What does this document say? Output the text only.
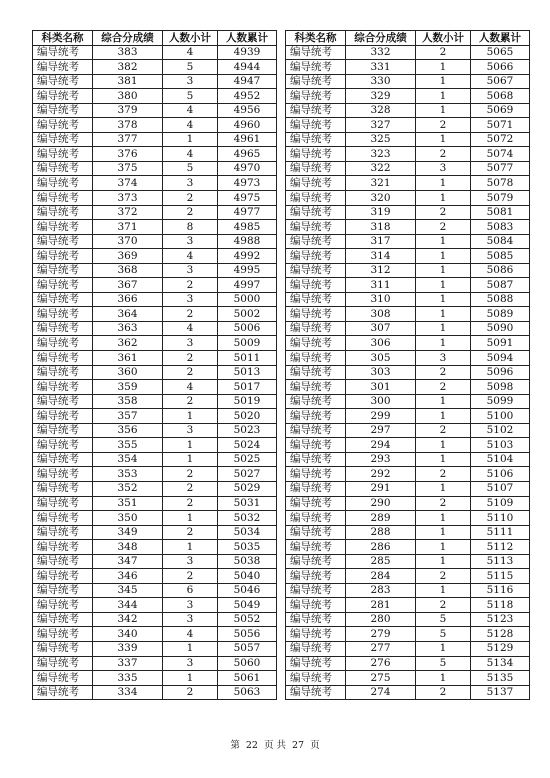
科类名称	综合分成绩	人数小计	人数累计
编导统考	383	4	4939
编导统考	382	5	4944
编导统考	381	3	4947
编导统考	380	5	4952
编导统考	379	4	4956
编导统考	378	4	4960
编导统考	377	1	4961
编导统考	376	4	4965
编导统考	375	5	4970
编导统考	374	3	4973
编导统考	373	2	4975
编导统考	372	2	4977
编导统考	371	8	4985
编导统考	370	3	4988
编导统考	369	4	4992
编导统考	368	3	4995
编导统考	367	2	4997
编导统考	366	3	5000
编导统考	364	2	5002
编导统考	363	4	5006
编导统考	362	3	5009
编导统考	361	2	5011
编导统考	360	2	5013
编导统考	359	4	5017
编导统考	358	2	5019
编导统考	357	1	5020
编导统考	356	3	5023
编导统考	355	1	5024
编导统考	354	1	5025
编导统考	353	2	5027
编导统考	352	2	5029
编导统考	351	2	5031
编导统考	350	1	5032
编导统考	349	2	5034
编导统考	348	1	5035
编导统考	347	3	5038
编导统考	346	2	5040
编导统考	345	6	5046
编导统考	344	3	5049
编导统考	342	3	5052
编导统考	340	4	5056
编导统考	339	1	5057
编导统考	337	3	5060
编导统考	335	1	5061
编导统考	334	2	5063
科类名称	综合分成绩	人数小计	人数累计
编导统考	332	2	5065
编导统考	331	1	5066
编导统考	330	1	5067
编导统考	329	1	5068
编导统考	328	1	5069
编导统考	327	2	5071
编导统考	325	1	5072
编导统考	323	2	5074
编导统考	322	3	5077
编导统考	321	1	5078
编导统考	320	1	5079
编导统考	319	2	5081
编导统考	318	2	5083
编导统考	317	1	5084
编导统考	314	1	5085
编导统考	312	1	5086
编导统考	311	1	5087
编导统考	310	1	5088
编导统考	308	1	5089
编导统考	307	1	5090
编导统考	306	1	5091
编导统考	305	3	5094
编导统考	303	2	5096
编导统考	301	2	5098
编导统考	300	1	5099
编导统考	299	1	5100
编导统考	297	2	5102
编导统考	294	1	5103
编导统考	293	1	5104
编导统考	292	2	5106
编导统考	291	1	5107
编导统考	290	2	5109
编导统考	289	1	5110
编导统考	288	1	5111
编导统考	286	1	5112
编导统考	285	1	5113
编导统考	284	2	5115
编导统考	283	1	5116
编导统考	281	2	5118
编导统考	280	5	5123
编导统考	279	5	5128
编导统考	277	1	5129
编导统考	276	5	5134
编导统考	275	1	5135
编导统考	274	2	5137
第 22 页 共 27 页
